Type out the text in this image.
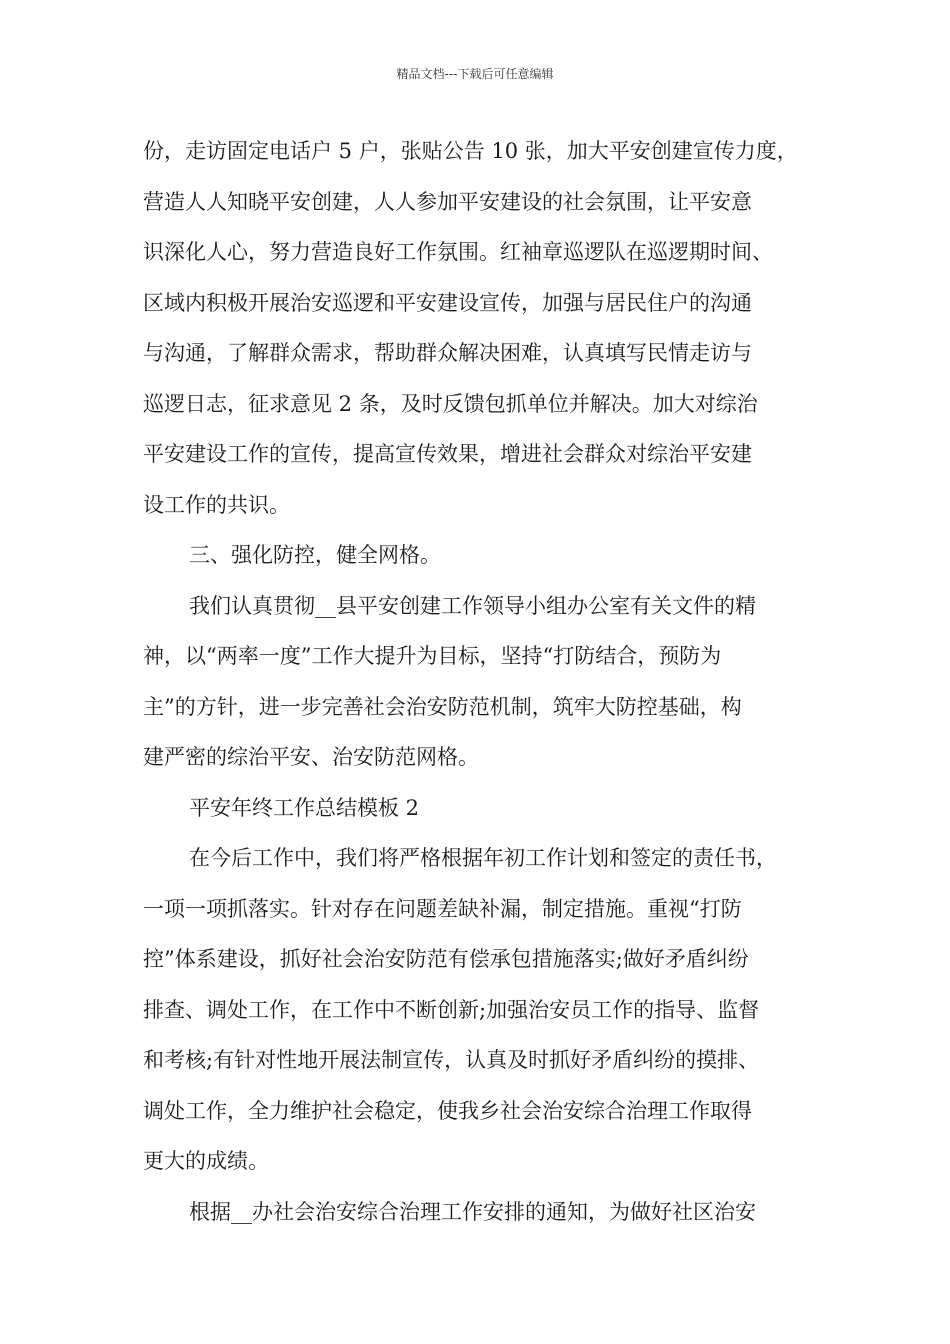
精品文档---下载后可任意编辑
份，走访固定电话户 5 户，张贴公告 10 张，加大平安创建宣传力度，
营造人人知晓平安创建，人人参加平安建设的社会氛围，让平安意
识深化人心，努力营造良好工作氛围。红袖章巡逻队在巡逻期时间、
区域内积极开展治安巡逻和平安建设宣传，加强与居民住户的沟通
与沟通，了解群众需求，帮助群众解决困难，认真填写民情走访与
巡逻日志，征求意见 2 条，及时反馈包抓单位并解决。加大对综治
平安建设工作的宣传，提高宣传效果，增进社会群众对综治平安建
设工作的共识。
三、强化防控，健全网格。
我们认真贯彻__县平安创建工作领导小组办公室有关文件的精
神，以“两率一度”工作大提升为目标，坚持“打防结合，预防为
主”的方针，进一步完善社会治安防范机制，筑牢大防控基础，构
建严密的综治平安、治安防范网格。
平安年终工作总结模板 2
在今后工作中，我们将严格根据年初工作计划和签定的责任书，
一项一项抓落实。针对存在问题差缺补漏，制定措施。重视“打防
控”体系建设，抓好社会治安防范有偿承包措施落实;做好矛盾纠纷
排查、调处工作，在工作中不断创新;加强治安员工作的指导、监督
和考核;有针对性地开展法制宣传，认真及时抓好矛盾纠纷的摸排、
调处工作，全力维护社会稳定，使我乡社会治安综合治理工作取得
更大的成绩。
根据__办社会治安综合治理工作安排的通知，为做好社区治安
